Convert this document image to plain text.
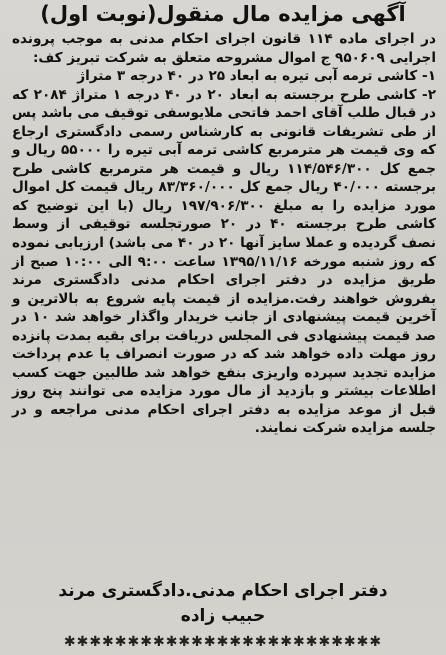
آگهی مزایده مال منقول(نوبت اول)

در اجرای ماده ۱۱۴ قانون اجرای احکام مدنی به موجب پرونده اجرایی ۹۵۰۶۰۹ ج اموال مشروحه متعلق به شرکت تبریز کف:

۱- کاشی ترمه آبی تیره به ابعاد ۲۵ در ۴۰ درجه ۳ متراژ

۲- کاشی طرح برجسته به ابعاد ۲۰ در ۴۰ درجه ۱ متراژ ۲۰۸۴ که در قبال طلب آقای احمد فاتحی ملایوسفی توقیف می باشد پس از طی تشریفات قانونی به کارشناس رسمی دادگستری ارجاع که وی قیمت هر مترمربع کاشی ترمه آبی تیره را ۵۵۰۰۰ ریال و جمع کل ۱۱۴/۵۴۶/۳۰۰ ریال و قیمت هر مترمربع کاشی طرح برجسته ۴۰/۰۰۰ ریال جمع کل ۸۳/۳۶۰/۰۰۰ ریال قیمت کل اموال مورد مزایده را به مبلغ ۱۹۷/۹۰۶/۳۰۰ ریال (با این توضیح که کاشی طرح برجسته ۴۰ در ۲۰ صورتجلسه توقیفی از وسط نصف گردیده و عملا سایز آنها ۲۰ در ۴۰ می باشد) ارزیابی نموده که روز شنبه مورخه ۱۳۹۵/۱۱/۱۶ ساعت ۹:۰۰ الی ۱۰:۰۰ صبح از طریق مزایده در دفتر اجرای احکام مدنی دادگستری مرند بفروش خواهند رفت.مزایده از قیمت پایه شروع به بالاترین و آخرین قیمت پیشنهادی از جانب خریدار واگذار خواهد شد ۱۰ در صد قیمت پیشنهادی فی المجلس دریافت برای بقیه بمدت پانزده روز مهلت داده خواهد شد که در صورت انصراف یا عدم پرداخت مزایده تجدید سپرده واریزی بنفع خواهد شد طالبین جهت کسب اطلاعات بیشتر و بازدید از مال مورد مزایده می توانند پنج روز قبل از موعد مزایده به دفتر اجرای احکام مدنی مراجعه و در جلسه مزایده شرکت نمایند.

دفتر اجرای احکام مدنی.دادگستری مرند
حبیب زاده
✱✱✱✱✱✱✱✱✱✱✱✱✱✱✱✱✱✱✱✱✱✱✱✱✱
